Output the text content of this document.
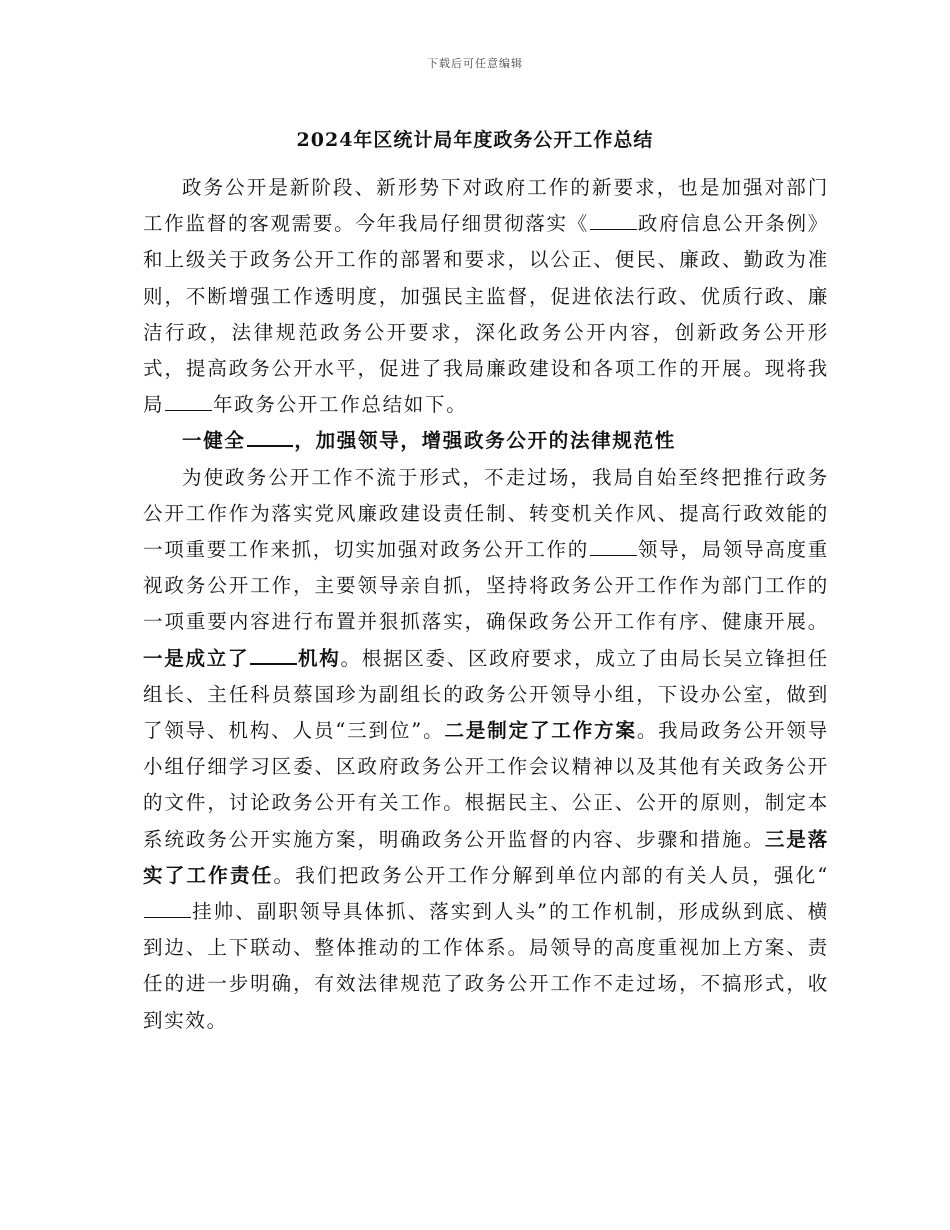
下载后可任意编辑
2024年区统计局年度政务公开工作总结

政务公开是新阶段、新形势下对政府工作的新要求，也是加强对部门工作监督的客观需要。今年我局仔细贯彻落实《	政府信息公开条例》和上级关于政务公开工作的部署和要求，以公正、便民、廉政、勤政为准则，不断增强工作透明度，加强民主监督，促进依法行政、优质行政、廉洁行政，法律规范政务公开要求，深化政务公开内容，创新政务公开形式，提高政务公开水平，促进了我局廉政建设和各项工作的开展。现将我局	年政务公开工作总结如下。

一健全	，加强领导，增强政务公开的法律规范性

为使政务公开工作不流于形式，不走过场，我局自始至终把推行政务公开工作作为落实党风廉政建设责任制、转变机关作风、提高行政效能的一项重要工作来抓，切实加强对政务公开工作的	领导，局领导高度重视政务公开工作，主要领导亲自抓，坚持将政务公开工作作为部门工作的一项重要内容进行布置并狠抓落实，确保政务公开工作有序、健康开展。一是成立了	机构。根据区委、区政府要求，成立了由局长吴立锋担任组长、主任科员蔡国珍为副组长的政务公开领导小组，下设办公室，做到了领导、机构、人员“三到位”。二是制定了工作方案。我局政务公开领导小组仔细学习区委、区政府政务公开工作会议精神以及其他有关政务公开的文件，讨论政务公开有关工作。根据民主、公正、公开的原则，制定本系统政务公开实施方案，明确政务公开监督的内容、步骤和措施。三是落实了工作责任。我们把政务公开工作分解到单位内部的有关人员，强化“挂帅、副职领导具体抓、落实到人头”的工作机制，形成纵到底、横到边、上下联动、整体推动的工作体系。局领导的高度重视加上方案、责任的进一步明确，有效法律规范了政务公开工作不走过场，不搞形式，收到实效。
